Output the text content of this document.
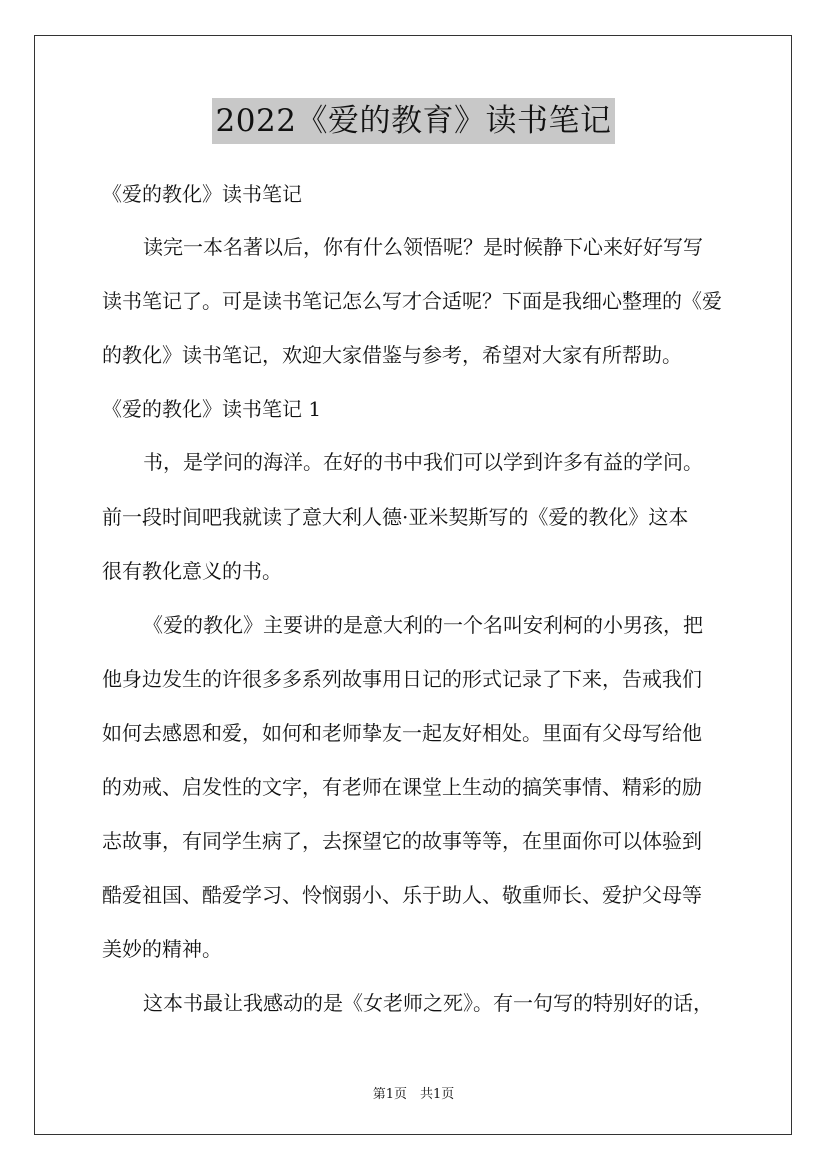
2022《爱的教育》读书笔记
《爱的教化》读书笔记
读完一本名著以后，你有什么领悟呢？是时候静下心来好好写写
读书笔记了。可是读书笔记怎么写才合适呢？下面是我细心整理的《爱
的教化》读书笔记，欢迎大家借鉴与参考，希望对大家有所帮助。
《爱的教化》读书笔记 1
书，是学问的海洋。在好的书中我们可以学到许多有益的学问。
前一段时间吧我就读了意大利人德·亚米契斯写的《爱的教化》这本
很有教化意义的书。
《爱的教化》主要讲的是意大利的一个名叫安利柯的小男孩，把
他身边发生的许很多多系列故事用日记的形式记录了下来，告戒我们
如何去感恩和爱，如何和老师挚友一起友好相处。里面有父母写给他
的劝戒、启发性的文字，有老师在课堂上生动的搞笑事情、精彩的励
志故事，有同学生病了，去探望它的故事等等，在里面你可以体验到
酷爱祖国、酷爱学习、怜悯弱小、乐于助人、敬重师长、爱护父母等
美妙的精神。
这本书最让我感动的是《女老师之死》。有一句写的特别好的话，
第1页　共1页
